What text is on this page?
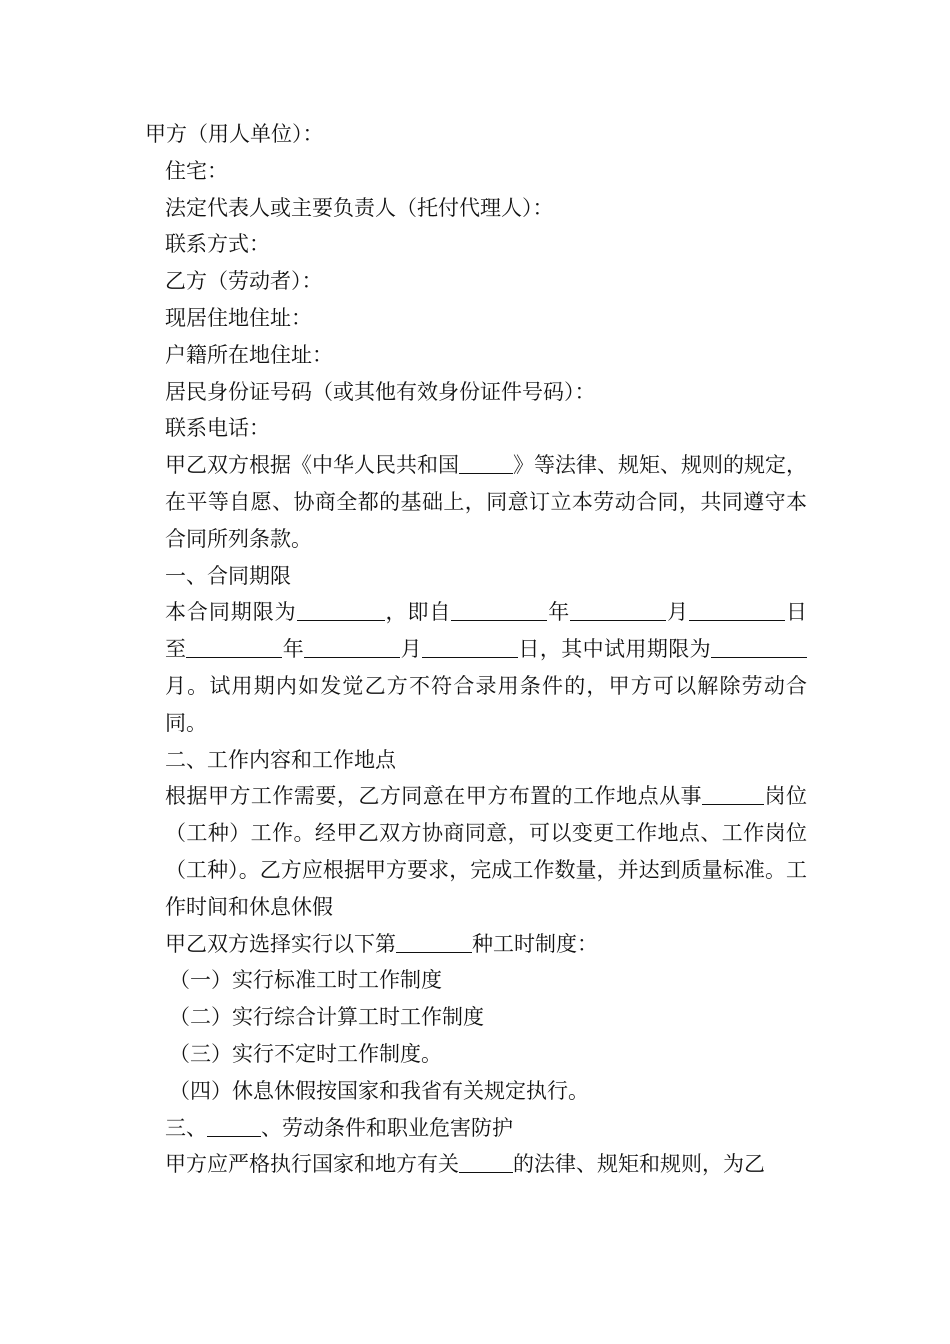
甲方（用人单位）：
住宅：
法定代表人或主要负责人（托付代理人）：
联系方式：
乙方（劳动者）：
现居住地住址：
户籍所在地住址：
居民身份证号码（或其他有效身份证件号码）：
联系电话：
甲乙双方根据《中华人民共和国	》等法律、规矩、规则的规定，在平等自愿、协商全都的基础上，同意订立本劳动合同，共同遵守本合同所列条款。
一、合同期限
本合同期限为	，即自	年	月	日至	年	月	日，其中试用期限为月。试用期内如发觉乙方不符合录用条件的，甲方可以解除劳动合同。
二、工作内容和工作地点
根据甲方工作需要，乙方同意在甲方布置的工作地点从事	岗位（工种）工作。经甲乙双方协商同意，可以变更工作地点、工作岗位（工种）。乙方应根据甲方要求，完成工作数量，并达到质量标准。工作时间和休息休假
甲乙双方选择实行以下第	种工时制度：
（一）实行标准工时工作制度
（二）实行综合计算工时工作制度
（三）实行不定时工作制度。
（四）休息休假按国家和我省有关规定执行。
三、	、劳动条件和职业危害防护
甲方应严格执行国家和地方有关	的法律、规矩和规则，为乙
